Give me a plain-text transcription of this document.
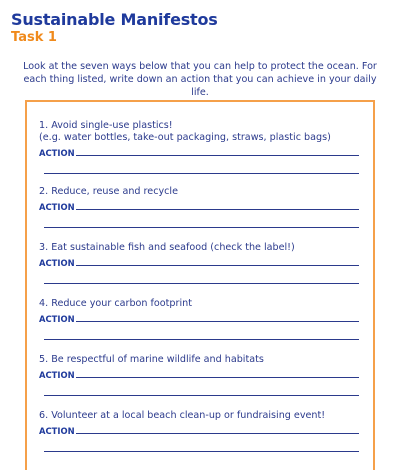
Sustainable Manifestos
Task 1
Look at the seven ways below that you can help to protect the ocean. For each thing listed, write down an action that you can achieve in your daily life.
1. Avoid single-use plastics!
(e.g. water bottles, take-out packaging, straws, plastic bags)
ACTION
2. Reduce, reuse and recycle
ACTION
3. Eat sustainable fish and seafood (check the label!)
ACTION
4. Reduce your carbon footprint
ACTION
5. Be respectful of marine wildlife and habitats
ACTION
6. Volunteer at a local beach clean-up or fundraising event!
ACTION
